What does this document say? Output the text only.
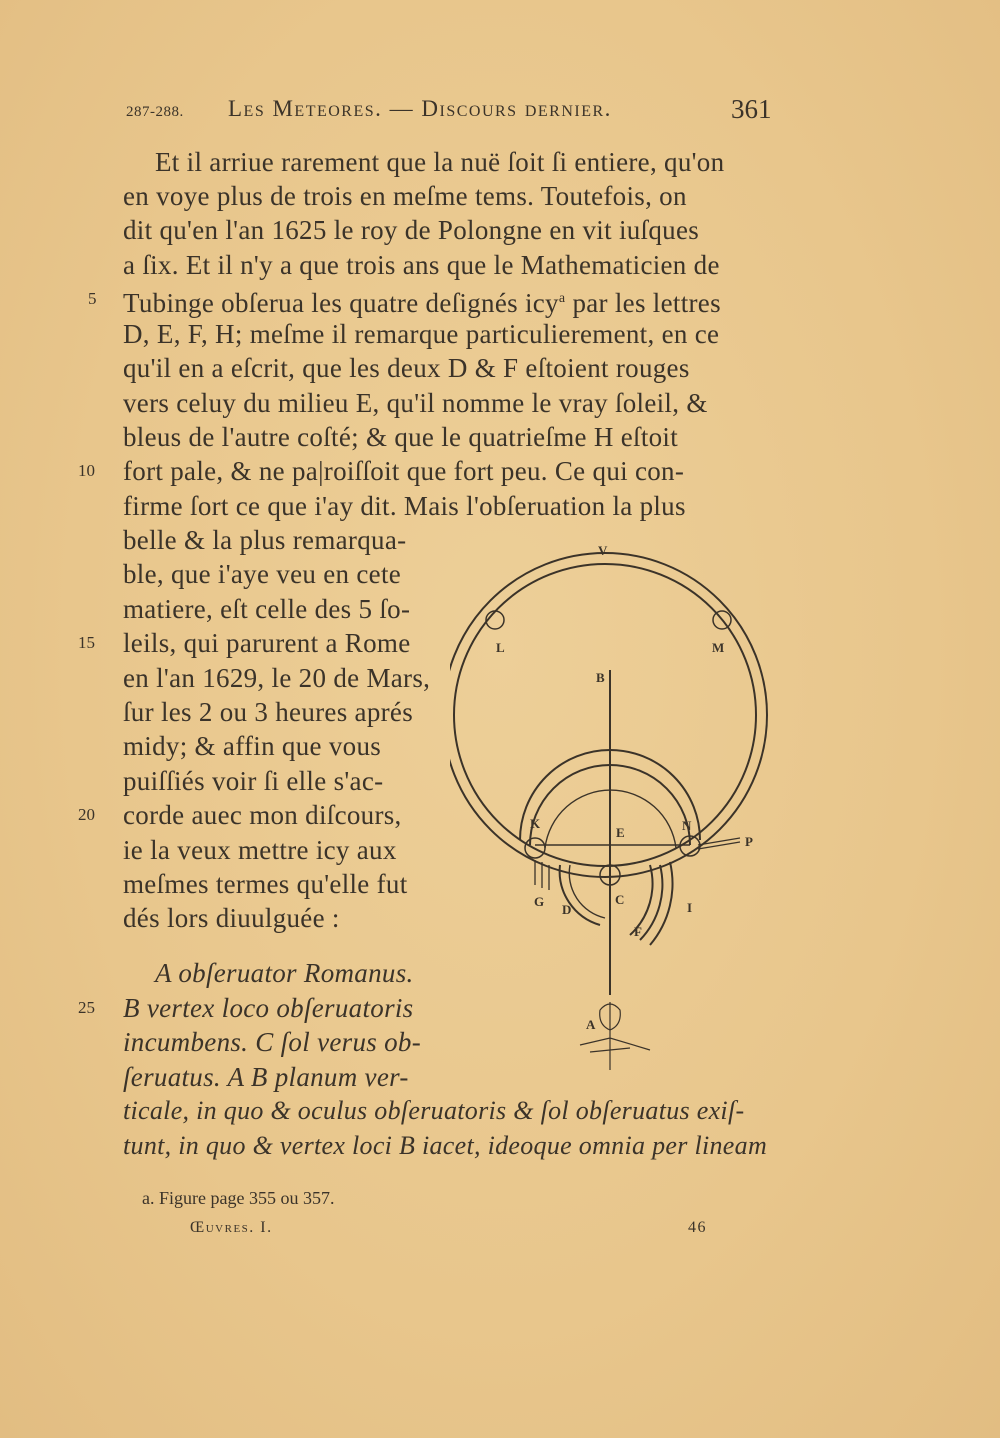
287-288. Les Meteores. — Discours dernier.	361
Et il arriue rarement que la nuë ſoit ſi entiere, qu'on
en voye plus de trois en meſme tems. Toutefois, on
dit qu'en l'an 1625 le roy de Polongne en vit iuſques
a ſix. Et il n'y a que trois ans que le Mathematicien de
Tubinge obſerua les quatre deſignés icy$^a$ par les lettres
D, E, F, H; meſme il remarque particulierement, en ce
qu'il en a eſcrit, que les deux D & F eſtoient rouges
vers celuy du milieu E, qu'il nomme le vray ſoleil, &
bleus de l'autre coſté; & que le quatrieſme H eſtoit
fort pale, & ne pa|roiſſoit que fort peu. Ce qui con-
firme ſort ce que i'ay dit. Mais l'obſeruation la plus
belle & la plus remarqua-
ble, que i'aye veu en cete
matiere, eſt celle des 5 ſo-
leils, qui parurent a Rome
en l'an 1629, le 20 de Mars,
ſur les 2 ou 3 heures aprés
midy; & affin que vous
puiſſiés voir ſi elle s'ac-
corde auec mon diſcours,
ie la veux mettre icy aux
meſmes termes qu'elle fut
dés lors diuulguée :
A obſeruator Romanus.
B vertex loco obſeruatoris
incumbens. C ſol verus ob-
ſeruatus. A B planum ver-
ticale, in quo & oculus obſeruatoris & ſol obſeruatus exiſ-
tunt, in quo & vertex loci B iacet, ideoque omnia per lineam
5
10
15
20
25
V
L	M
B
K
E	N
P
G
D
C
I
F
A
a. Figure page 355 ou 357.
Œuvres. I.	46
